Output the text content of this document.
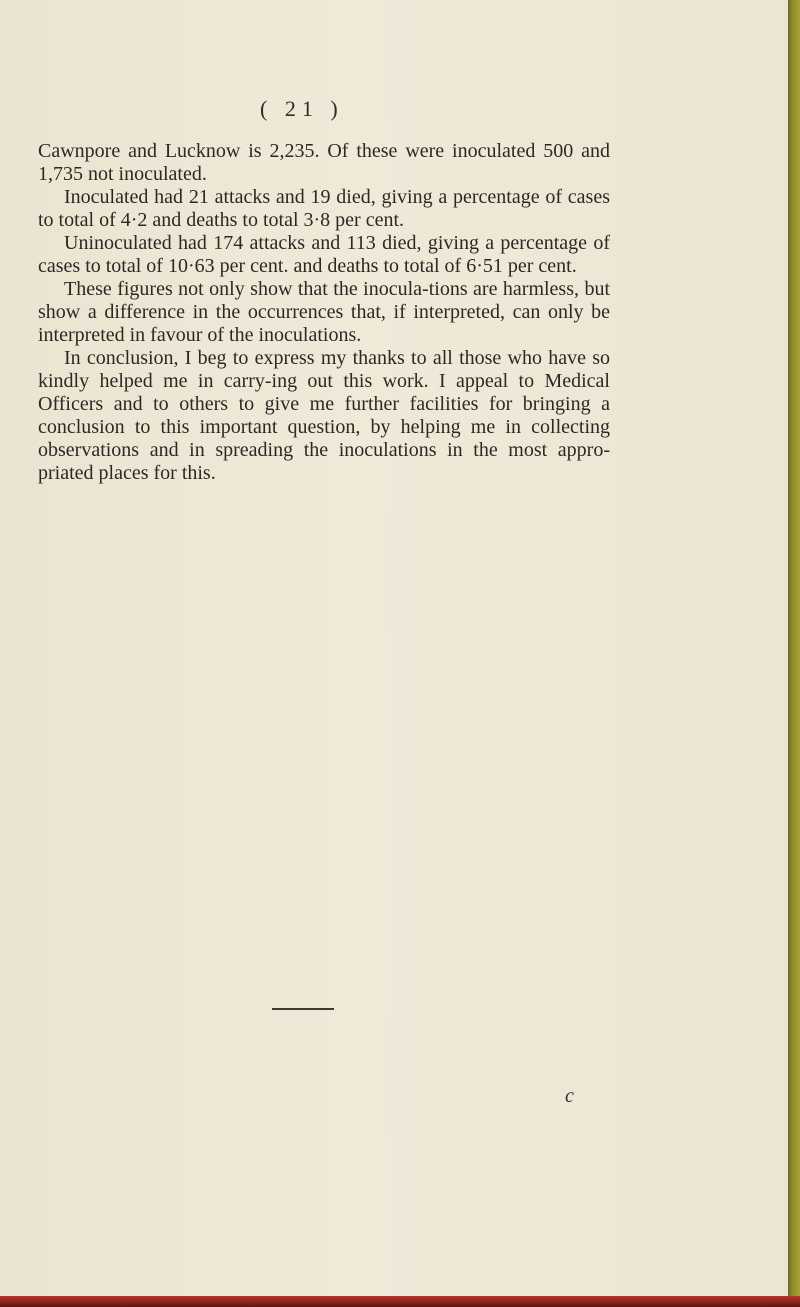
( 21 )

Cawnpore and Lucknow is 2,235. Of these were inoculated 500 and 1,735 not inoculated.

Inoculated had 21 attacks and 19 died, giving a percentage of cases to total of 4·2 and deaths to total 3·8 per cent.

Uninoculated had 174 attacks and 113 died, giving a percentage of cases to total of 10·63 per cent. and deaths to total of 6·51 per cent.

These figures not only show that the inocula-tions are harmless, but show a difference in the occurrences that, if interpreted, can only be interpreted in favour of the inoculations.

In conclusion, I beg to express my thanks to all those who have so kindly helped me in carry-ing out this work. I appeal to Medical Officers and to others to give me further facilities for bringing a conclusion to this important question, by helping me in collecting observations and in spreading the inoculations in the most appro-priated places for this.

c
